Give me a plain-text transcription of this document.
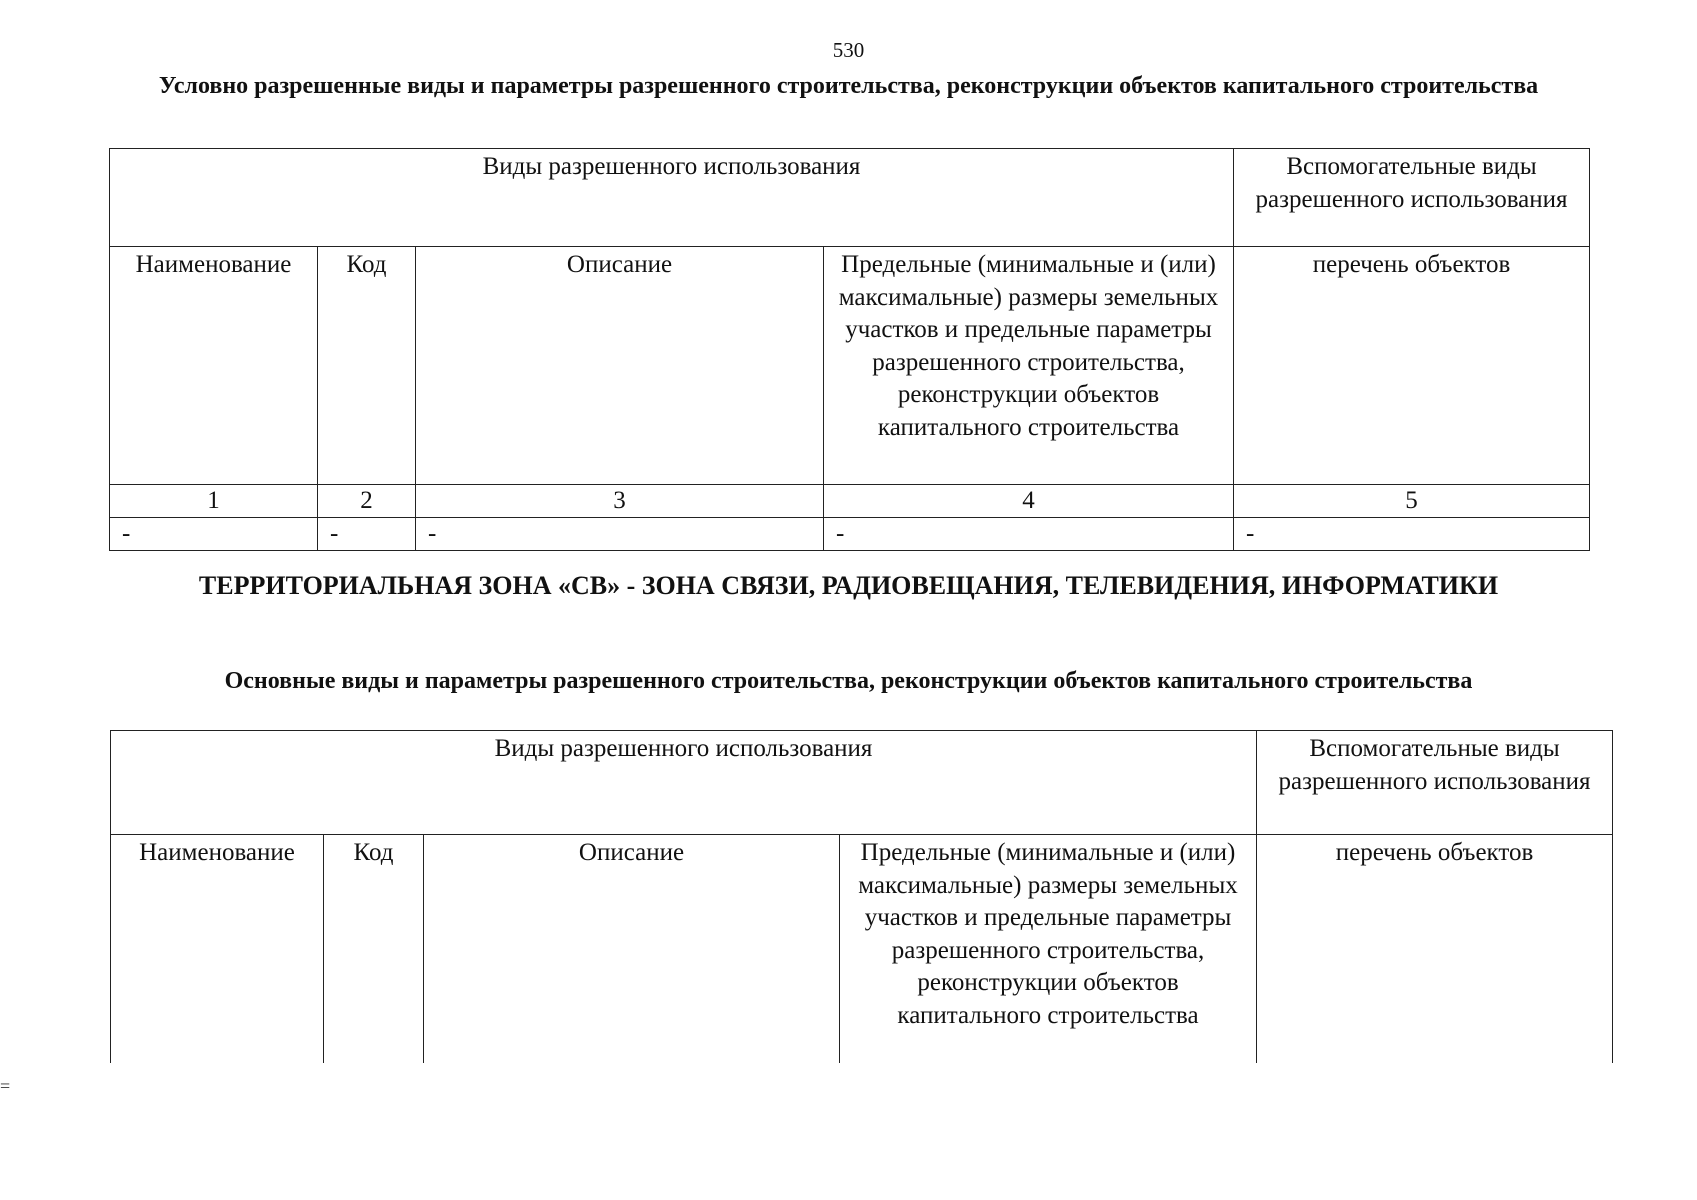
530
Условно разрешенные виды и параметры разрешенного строительства, реконструкции объектов капитального строительства
Виды разрешенного использования				Вспомогательные виды разрешенного использования
Наименование	Код	Описание	Предельные (минимальные и (или) максимальные) размеры земельных участков и предельные параметры разрешенного строительства, реконструкции объектов капитального строительства	перечень объектов
1	2	3	4	5
-	-	-	-	-
ТЕРРИТОРИАЛЬНАЯ ЗОНА «СВ» - ЗОНА СВЯЗИ, РАДИОВЕЩАНИЯ, ТЕЛЕВИДЕНИЯ, ИНФОРМАТИКИ
Основные виды и параметры разрешенного строительства, реконструкции объектов капитального строительства
Виды разрешенного использования				Вспомогательные виды разрешенного использования
Наименование	Код	Описание	Предельные (минимальные и (или) максимальные) размеры земельных участков и предельные параметры разрешенного строительства, реконструкции объектов капитального строительства	перечень объектов
=
